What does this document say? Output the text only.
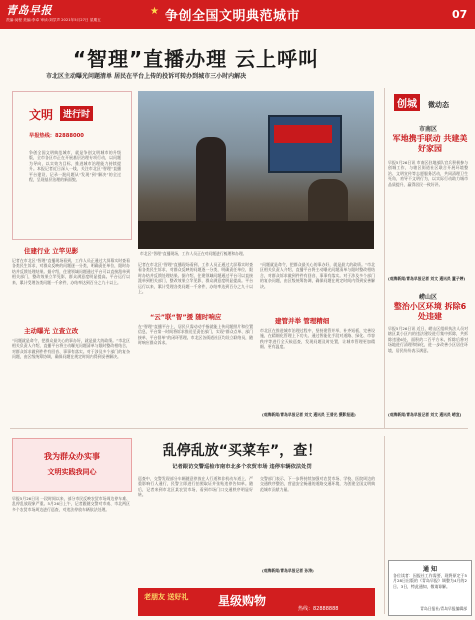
青岛早报
责编:闵程 美编:李卓 审读:刘学声 2021年5月27日 星期五	争创全国文明典范城市
★	07
“智理”直播办理 云上呼叫
市北区主动曝光问题清单 居民在平台上传的投诉可转办到城市三小时内解决
文明	进行时
早报热线：82888000
争创全国文明典范城市，就是争创文明城市的升级版，全市各区市正在开展基层治理专项行动，以问题为导向，以实效为目标，推进城市治理能力持续提升。本报记者近日深入一线，关注市北区“智理”直播平台建设，记录一批问题从“发现”到“解决”的全过程，呈现基层治理的新面貌。
市北区“智理”直播现场，工作人员正在对问题进行梳理和办理。
住建行业 立竿见影
记者在市北区“智理”直播现场看到，工作人员正通过大屏幕实时查看各类民生诉求，对群众反映的问题逐一分类，明确责任单位，限时办结并反馈处理结果。据介绍，住建领域问题通过平台可以直接派单到相关部门，整改效果立竿见影，群众满意度明显提高。平台运行以来，累计受理各类问题一千余件，办结率达到百分之九十以上。
主动曝光 立查立改
“问题就是命令，把群众最关心的事办好，就是最大的政绩。”市北区相关负责人介绍，直播平台将主动曝光问题清单与限时整改相结合，对群众诉求做到件件有回音、事事有落实。对于涉及多个部门的复杂问题，由区级统筹协调，确保问题在规定时间内得到妥善解决。
记者在市北区“智理”直播现场看到，工作人员正通过大屏幕实时查看各类民生诉求，对群众反映的问题逐一分类，明确责任单位，限时办结并反馈处理结果。据介绍，住建领域问题通过平台可以直接派单到相关部门，整改效果立竿见影，群众满意度明显提高。平台运行以来，累计受理各类问题一千余件，办结率达到百分之九十以上。
“云”联“智”援 随时响应
在“智理”直播平台上，居民只需动动手指就能上传问题照片和位置信息，平台第一时间将诉求推送至责任部门，实现“群众点单、部门接单、平台督单”的闭环管理。市北区各街道社区均设立联络员，随时响应群众诉求。
“问题就是命令，把群众最关心的事办好，就是最大的政绩。”市北区相关负责人介绍，直播平台将主动曝光问题清单与限时整改相结合，对群众诉求做到件件有回音、事事有落实。对于涉及多个部门的复杂问题，由区级统筹协调，确保问题在规定时间内得到妥善解决。
建管并举 管理精细
市北区在推进城市治理过程中，坚持建管并举，补齐短板，完善设施，在精细化管理上下功夫。通过智能化手段对道路、绿化、市容秩序等进行全天候巡查，发现问题及时处置，让城市管理更加精细、更有温度。
(观海新闻/青岛早报记者 刘文 通讯员 王普光 摄影报道)
创城	微动态
市南区
军地携手联动 共建美好家园
早报5月26日讯 市南区驻地部队官兵积极参与创城工作，与辖区街道社区联合开展环境整治、文明宣传等志愿服务活动，共同清理卫生死角，劝导不文明行为，以实际行动助力城市品质提升，赢得居民一致好评。
(观海新闻/青岛早报记者 刘文 通讯员 董子婷)
崂山区
整治小区环境 拆除6处违建
早报5月26日讯 近日，崂山区组织执法人员对辖区某小区内的违法建设进行集中拆除，共拆除违建6处，面积约二百平方米。拆除后将对场地进行清理和绿化，进一步改善小区居住环境，居民纷纷表示满意。
(观海新闻/青岛早报记者 刘文 通讯员 崂宣)
我为群众办实事
文明实践我同心
乱停乱放“买菜车”，查！
记者跟访交警巡检市南市北多个农贸市场 违停车辆依法处罚
早报5月26日讯 一段时间以来，部分市民反映农贸市场周边停车难、乱停乱放现象严重。5月26日上午，记者跟随交警对市南、市北两区多个农贸市场周边进行巡查，对违法停放车辆依法处理。
巡查中，交警发现部分车辆随意停放在人行道和非机动车道上，严重影响行人通行，民警立即进行拍照取证并张贴违停告知单。随后，记者来到市北区某农贸市场，看到市场门口交通秩序明显好转。
交警部门表示，下一步将持续加强对农贸市场、学校、医院周边的交通秩序整治，营造安全畅通的道路交通环境，为创建全国文明典范城市贡献力量。
(观海新闻/青岛早报记者 孙涛)
老朋友 送好礼 星级购物
热线：82888888
通 知
各位读者：因报社工作需要，现将原定于5月28日出版的《青岛早报》调整为4月的2日、3日，特此通知，敬请谅解。
青岛日报社/青岛早报编辑部
